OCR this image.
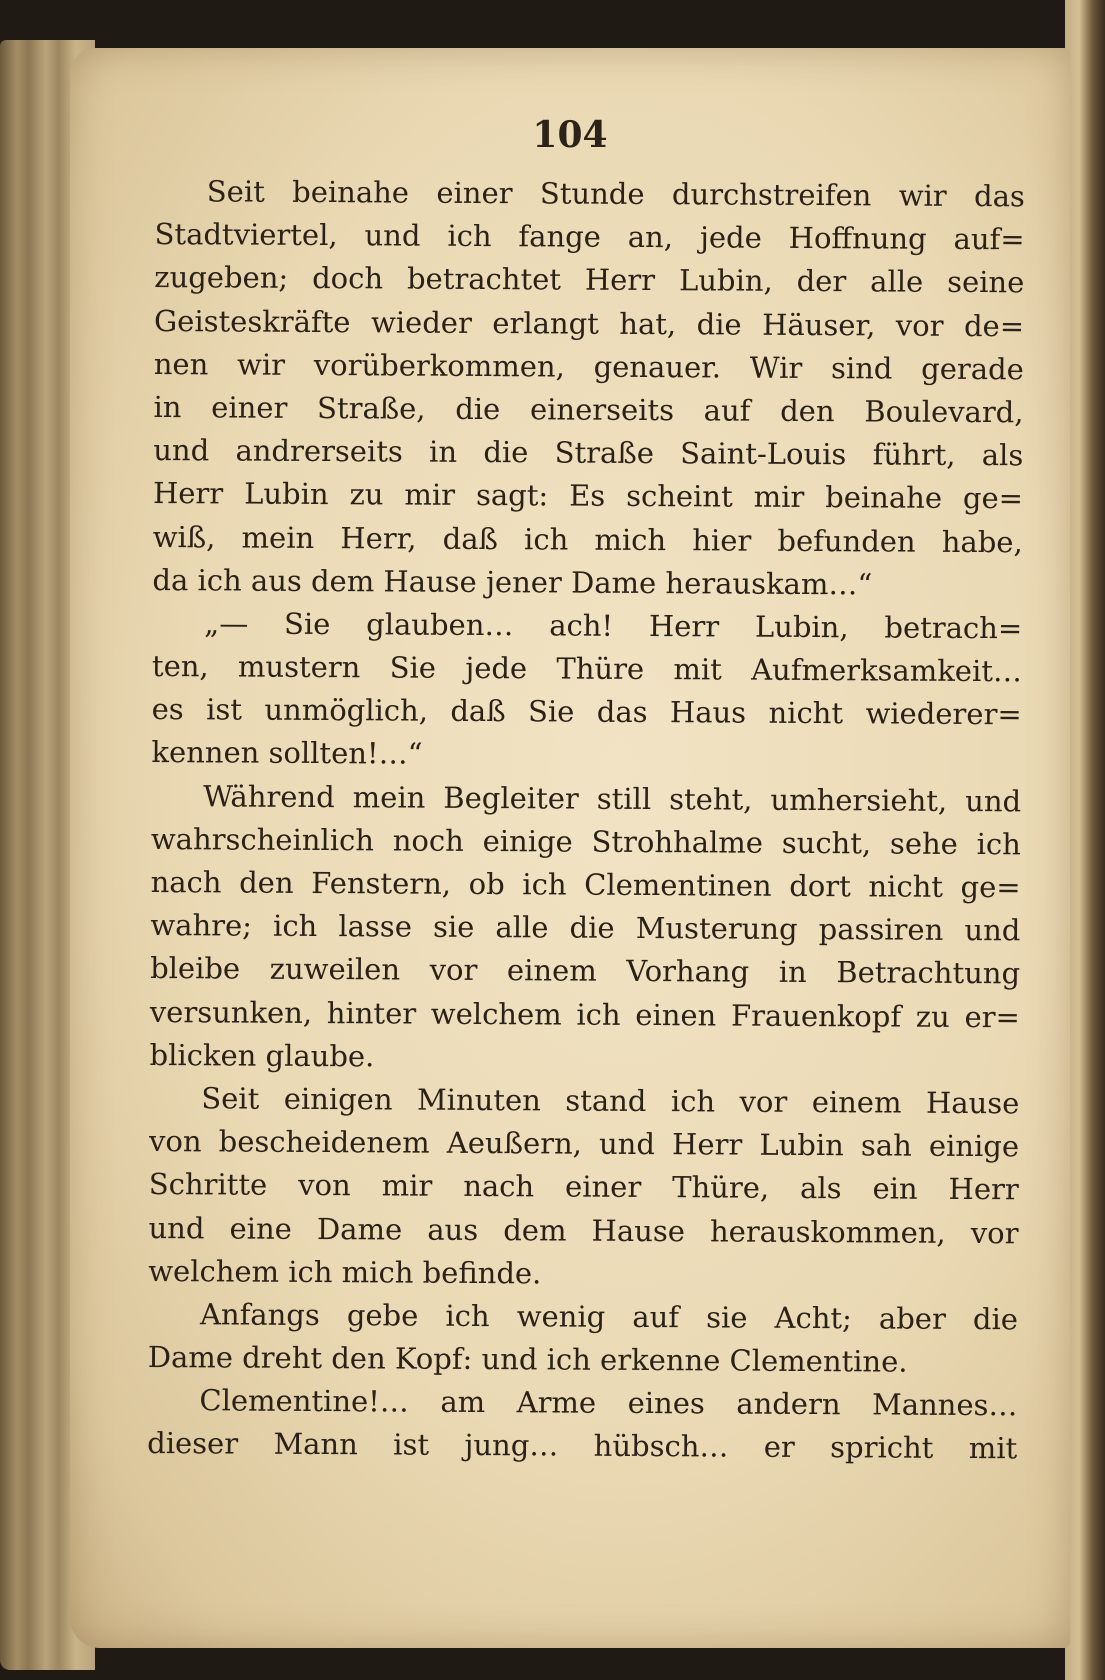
104
Seit beinahe einer Stunde durchstreifen wir das
Stadtviertel, und ich fange an, jede Hoffnung auf=
zugeben; doch betrachtet Herr Lubin, der alle seine
Geisteskräfte wieder erlangt hat, die Häuser, vor de=
nen wir vorüberkommen, genauer. Wir sind gerade
in einer Straße, die einerseits auf den Boulevard,
und andrerseits in die Straße Saint-Louis führt, als
Herr Lubin zu mir sagt: Es scheint mir beinahe ge=
wiß, mein Herr, daß ich mich hier befunden habe,
da ich aus dem Hause jener Dame herauskam…“
„— Sie glauben… ach! Herr Lubin, betrach=
ten, mustern Sie jede Thüre mit Aufmerksamkeit…
es ist unmöglich, daß Sie das Haus nicht wiederer=
kennen sollten!…“
Während mein Begleiter still steht, umhersieht, und
wahrscheinlich noch einige Strohhalme sucht, sehe ich
nach den Fenstern, ob ich Clementinen dort nicht ge=
wahre; ich lasse sie alle die Musterung passiren und
bleibe zuweilen vor einem Vorhang in Betrachtung
versunken, hinter welchem ich einen Frauenkopf zu er=
blicken glaube.
Seit einigen Minuten stand ich vor einem Hause
von bescheidenem Aeußern, und Herr Lubin sah einige
Schritte von mir nach einer Thüre, als ein Herr
und eine Dame aus dem Hause herauskommen, vor
welchem ich mich befinde.
Anfangs gebe ich wenig auf sie Acht; aber die
Dame dreht den Kopf: und ich erkenne Clementine.
Clementine!… am Arme eines andern Mannes…
dieser Mann ist jung… hübsch… er spricht mit
